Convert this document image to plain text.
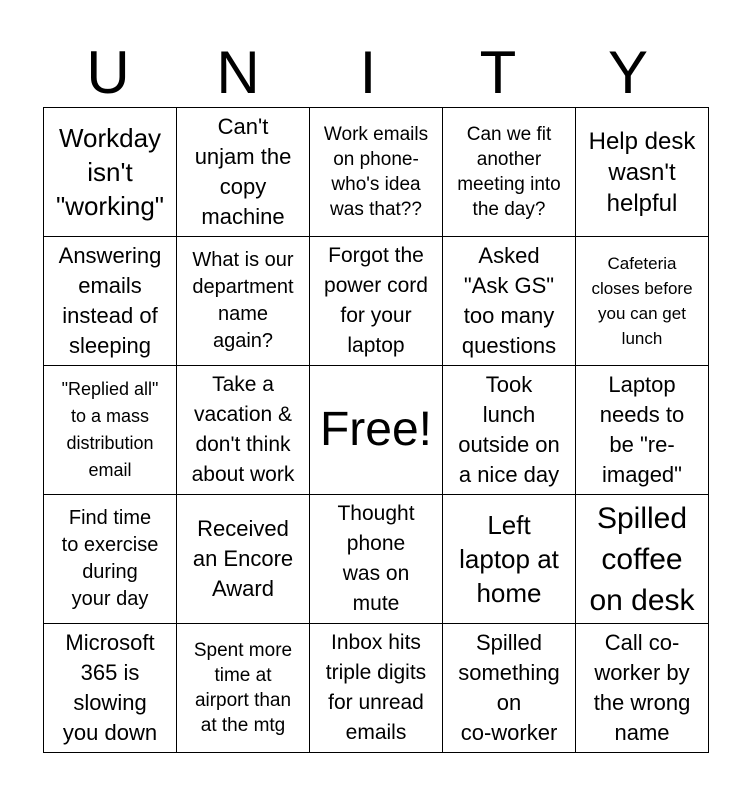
U	N	I	T	Y
Workday
isn't
"working"	Can't
unjam the
copy
machine	Work emails
on phone-
who's idea
was that??	Can we fit
another
meeting into
the day?	Help desk
wasn't
helpful

Answering
emails
instead of
sleeping	What is our
department
name
again?	Forgot the
power cord
for your
laptop	Asked
"Ask GS"
too many
questions	Cafeteria
closes before
you can get
lunch

"Replied all"
to a mass
distribution
email	Take a
vacation &
don't think
about work	Free!	Took
lunch
outside on
a nice day	Laptop
needs to
be "re-
imaged"

Find time
to exercise
during
your day	Received
an Encore
Award	Thought
phone
was on
mute	Left
laptop at
home	Spilled
coffee
on desk

Microsoft
365 is
slowing
you down	Spent more
time at
airport than
at the mtg	Inbox hits
triple digits
for unread
emails	Spilled
something
on
co-worker	Call co-
worker by
the wrong
name
